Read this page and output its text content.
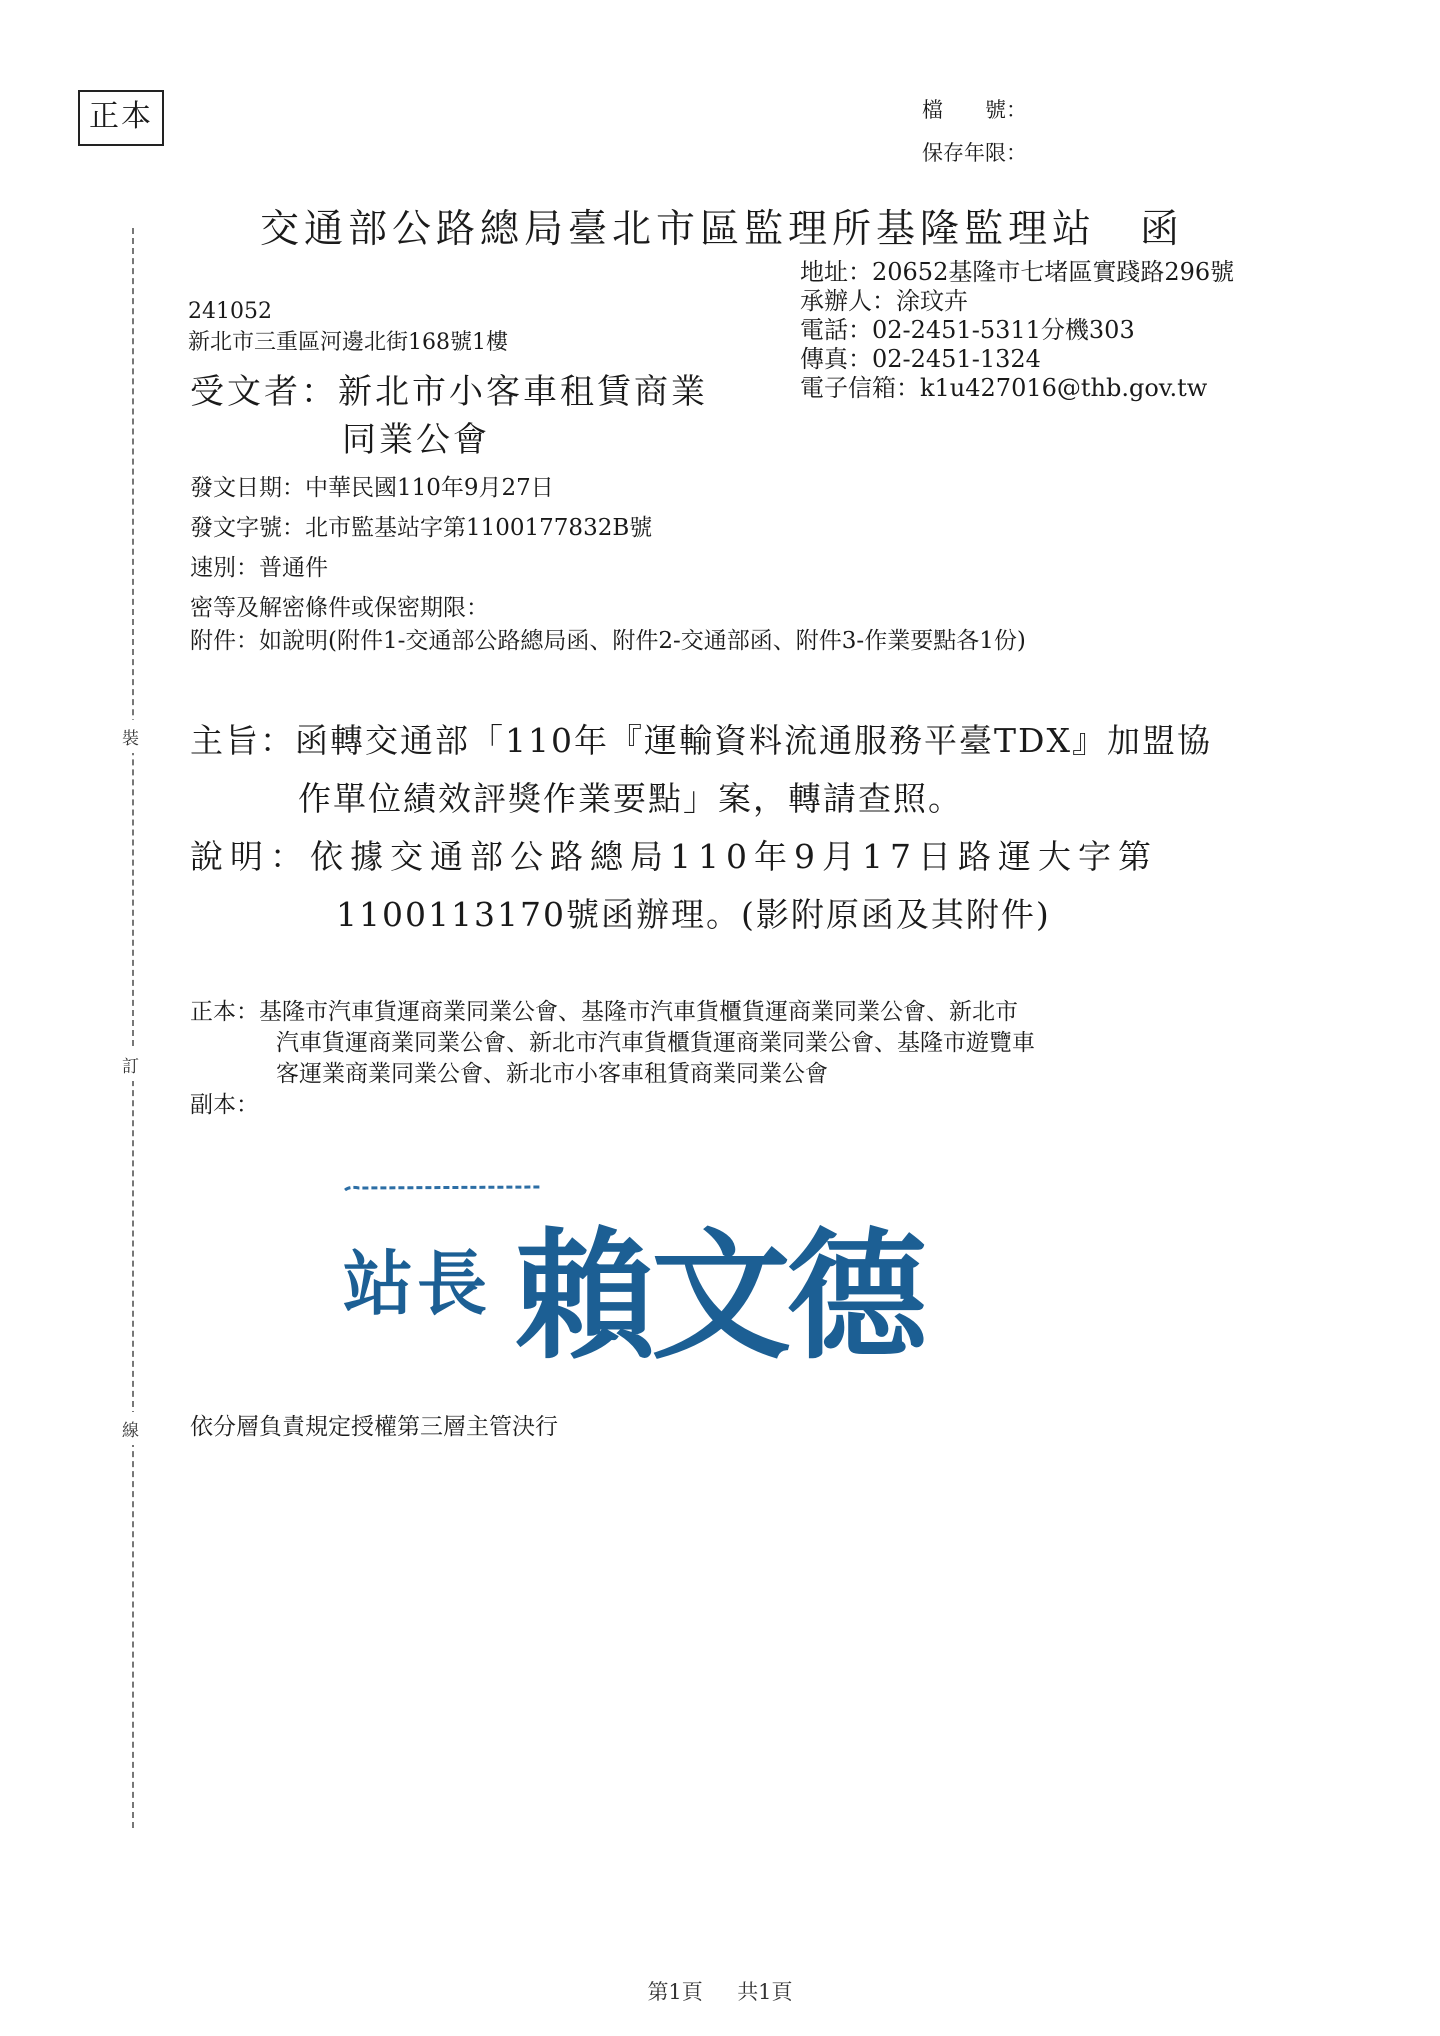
正本	檔　　號：
保存年限：
交通部公路總局臺北市區監理所基隆監理站　函
裝
訂
線
地址：20652基隆市七堵區實踐路296號
承辦人：涂玟卉
電話：02-2451-5311分機303
傳真：02-2451-1324
電子信箱：k1u427016@thb.gov.tw
241052
新北市三重區河邊北街168號1樓
受文者：新北市小客車租賃商業
同業公會
發文日期：中華民國110年9月27日
發文字號：北市監基站字第1100177832B號
速別：普通件
密等及解密條件或保密期限：
附件：如說明(附件1-交通部公路總局函、附件2-交通部函、附件3-作業要點各1份)
主旨：函轉交通部「110年『運輸資料流通服務平臺TDX』加盟協
作單位績效評獎作業要點」案，轉請查照。
說明：依據交通部公路總局110年9月17日路運大字第
1100113170號函辦理。(影附原函及其附件)
正本：基隆市汽車貨運商業同業公會、基隆市汽車貨櫃貨運商業同業公會、新北市
汽車貨運商業同業公會、新北市汽車貨櫃貨運商業同業公會、基隆市遊覽車
客運業商業同業公會、新北市小客車租賃商業同業公會
副本：
站長 賴文德
依分層負責規定授權第三層主管決行
第1頁 　 共1頁
